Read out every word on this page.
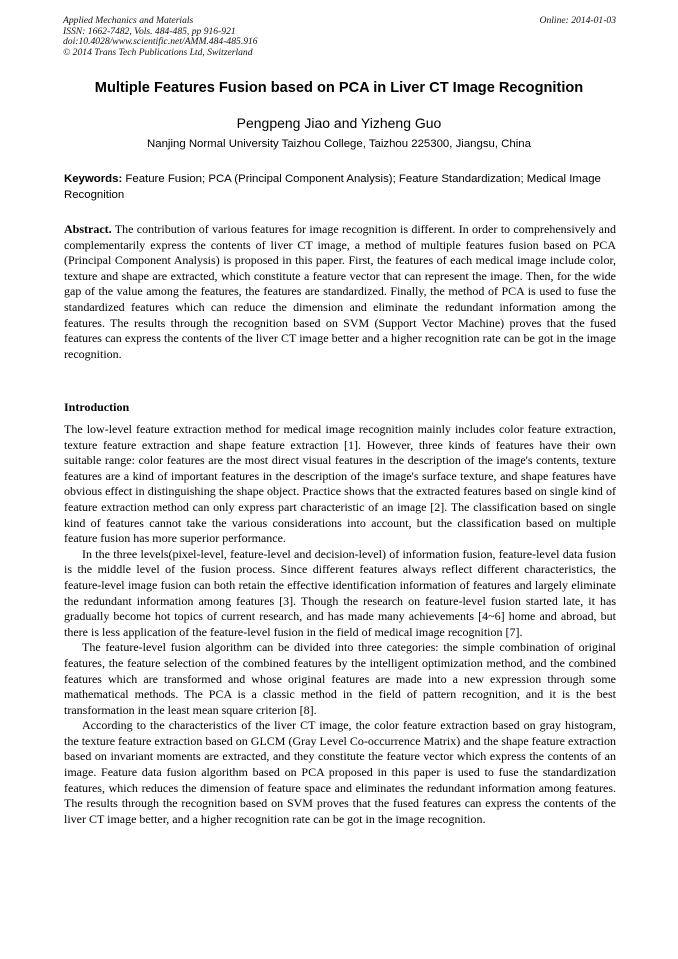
Applied Mechanics and Materials
ISSN: 1662-7482, Vols. 484-485, pp 916-921
doi:10.4028/www.scientific.net/AMM.484-485.916
© 2014 Trans Tech Publications Ltd, Switzerland
Online: 2014-01-03
Multiple Features Fusion based on PCA in Liver CT Image Recognition
Pengpeng Jiao and Yizheng Guo
Nanjing Normal University Taizhou College, Taizhou 225300, Jiangsu, China
Keywords: Feature Fusion; PCA (Principal Component Analysis); Feature Standardization; Medical Image Recognition
Abstract. The contribution of various features for image recognition is different. In order to comprehensively and complementarily express the contents of liver CT image, a method of multiple features fusion based on PCA (Principal Component Analysis) is proposed in this paper. First, the features of each medical image include color, texture and shape are extracted, which constitute a feature vector that can represent the image. Then, for the wide gap of the value among the features, the features are standardized. Finally, the method of PCA is used to fuse the standardized features which can reduce the dimension and eliminate the redundant information among the features. The results through the recognition based on SVM (Support Vector Machine) proves that the fused features can express the contents of the liver CT image better and a higher recognition rate can be got in the image recognition.
Introduction

The low-level feature extraction method for medical image recognition mainly includes color feature extraction, texture feature extraction and shape feature extraction [1]. However, three kinds of features have their own suitable range: color features are the most direct visual features in the description of the image's contents, texture features are a kind of important features in the description of the image's surface texture, and shape features have obvious effect in distinguishing the shape object. Practice shows that the extracted features based on single kind of feature extraction method can only express part characteristic of an image [2]. The classification based on single kind of features cannot take the various considerations into account, but the classification based on multiple feature fusion has more superior performance.

In the three levels(pixel-level, feature-level and decision-level) of information fusion, feature-level data fusion is the middle level of the fusion process. Since different features always reflect different characteristics, the feature-level image fusion can both retain the effective identification information of features and largely eliminate the redundant information among features [3]. Though the research on feature-level fusion started late, it has gradually become hot topics of current research, and has made many achievements [4~6] home and abroad, but there is less application of the feature-level fusion in the field of medical image recognition [7].

The feature-level fusion algorithm can be divided into three categories: the simple combination of original features, the feature selection of the combined features by the intelligent optimization method, and the combined features which are transformed and whose original features are made into a new expression through some mathematical methods. The PCA is a classic method in the field of pattern recognition, and it is the best transformation in the least mean square criterion [8].

According to the characteristics of the liver CT image, the color feature extraction based on gray histogram, the texture feature extraction based on GLCM (Gray Level Co-occurrence Matrix) and the shape feature extraction based on invariant moments are extracted, and they constitute the feature vector which express the contents of an image. Feature data fusion algorithm based on PCA proposed in this paper is used to fuse the standardization features, which reduces the dimension of feature space and eliminates the redundant information among features. The results through the recognition based on SVM proves that the fused features can express the contents of the liver CT image better, and a higher recognition rate can be got in the image recognition.
